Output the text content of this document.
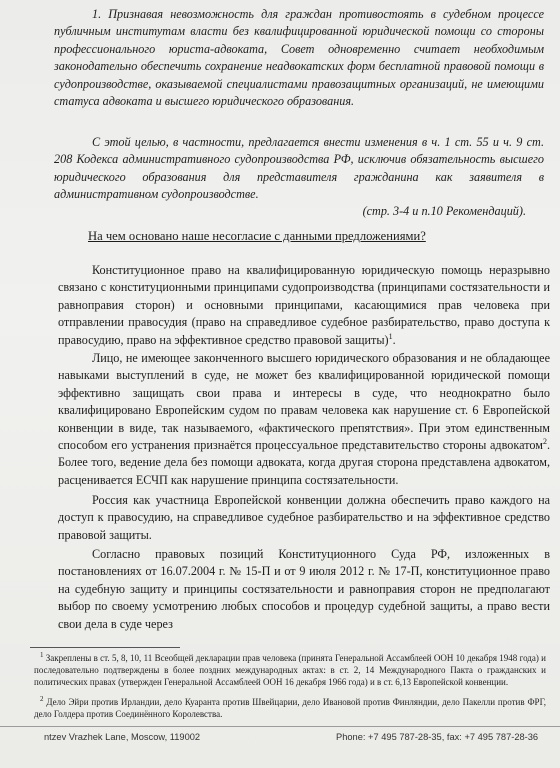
1. Признавая невозможность для граждан противостоять в судебном процессе публичным институтам власти без квалифицированной юридической помощи со стороны профессионального юриста-адвоката, Совет одновременно считает необходимым законодательно обеспечить сохранение неадвокатских форм бесплатной правовой помощи в судопроизводстве, оказываемой специалистами правозащитных организаций, не имеющими статуса адвоката и высшего юридического образования.

С этой целью, в частности, предлагается внести изменения в ч. 1 ст. 55 и ч. 9 ст. 208 Кодекса административного судопроизводства РФ, исключив обязательность высшего юридического образования для представителя гражданина как заявителя в административном судопроизводстве.

(стр. 3-4 и п.10 Рекомендаций).

На чем основано наше несогласие с данными предложениями?

Конституционное право на квалифицированную юридическую помощь неразрывно связано с конституционными принципами судопроизводства (принципами состязательности и равноправия сторон) и основными принципами, касающимися прав человека при отправлении правосудия (право на справедливое судебное разбирательство, право доступа к правосудию, право на эффективное средство правовой защиты)$^1$.

Лицо, не имеющее законченного высшего юридического образования и не обладающее навыками выступлений в суде, не может без квалифицированной юридической помощи эффективно защищать свои права и интересы в суде, что неоднократно было квалифицировано Европейским судом по правам человека как нарушение ст. 6 Европейской конвенции в виде, так называемого, «фактического препятствия». При этом единственным способом его устранения признаётся процессуальное представительство стороны адвокатом$^2$. Более того, ведение дела без помощи адвоката, когда другая сторона представлена адвокатом, расценивается ЕСЧП как нарушение принципа состязательности.

Россия как участница Европейской конвенции должна обеспечить право каждого на доступ к правосудию, на справедливое судебное разбирательство и на эффективное средство правовой защиты.

Согласно правовых позиций Конституционного Суда РФ, изложенных в постановлениях от 16.07.2004 г. № 15-П и от 9 июля 2012 г. № 17-П, конституционное право на судебную защиту и принципы состязательности и равноправия сторон не предполагают выбор по своему усмотрению любых способов и процедур судебной защиты, а право вести свои дела в суде через

$^1$ Закреплены в ст. 5, 8, 10, 11 Всеобщей декларации прав человека (принята Генеральной Ассамблеей ООН 10 декабря 1948 года) и последовательно подтверждены в более поздних международных актах: в ст. 2, 14 Международного Пакта о гражданских и политических правах (утвержден Генеральной Ассамблеей ООН 16 декабря 1966 года) и в ст. 6,13 Европейской конвенции.
$^2$ Дело Эйри против Ирландии, дело Куаранта против Швейцарии, дело Ивановой против Финляндии, дело Пакелли против ФРГ, дело Голдера против Соединённого Королевства.
ntzev Vrazhek Lane, Moscow, 119002	Phone: +7 495 787-28-35, fax: +7 495 787-28-36
